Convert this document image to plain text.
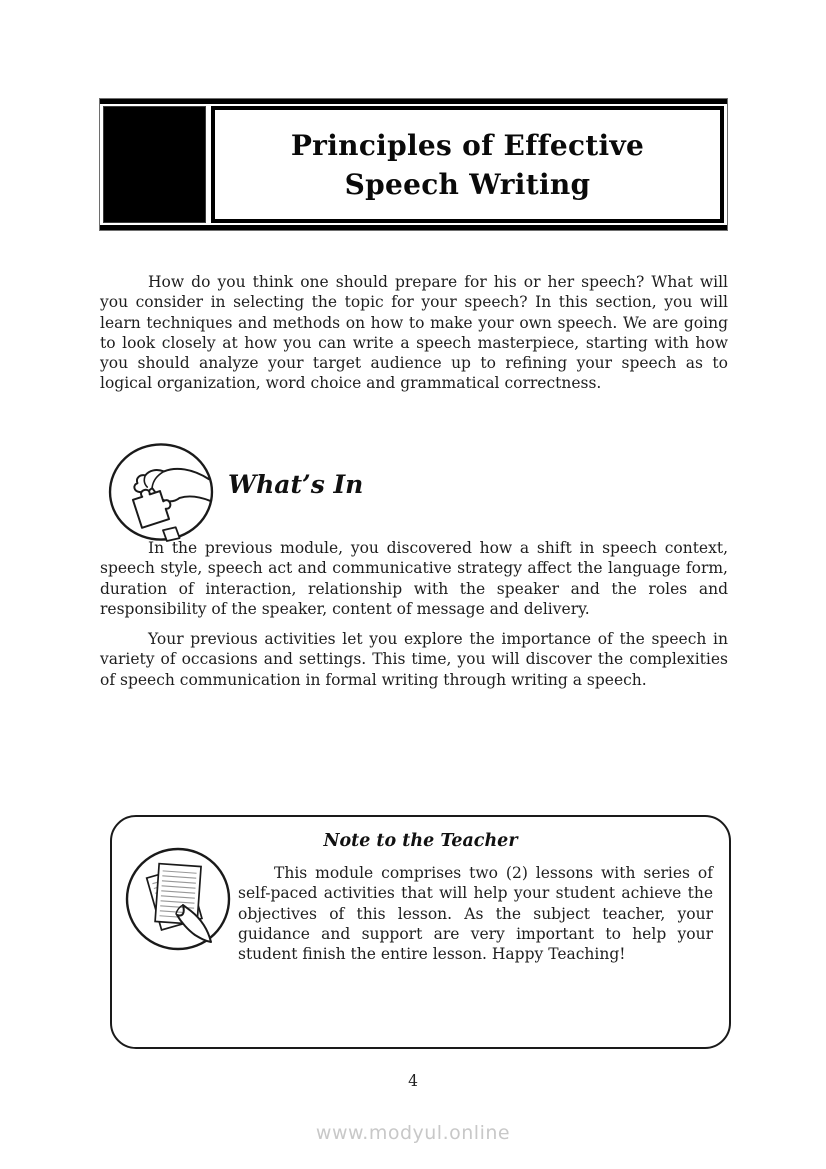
Principles of Effective
Speech Writing

How do you think one should prepare for his or her speech? What will you consider in selecting the topic for your speech? In this section, you will learn techniques and methods on how to make your own speech. We are going to look closely at how you can write a speech masterpiece, starting with how you should analyze your target audience up to refining your speech as to logical organization, word choice and grammatical correctness.

What’s In

In the previous module, you discovered how a shift in speech context, speech style, speech act and communicative strategy affect the language form, duration of interaction, relationship with the speaker and the roles and responsibility of the speaker, content of message and delivery.

Your previous activities let you explore the importance of the speech in variety of occasions and settings. This time, you will discover the complexities of speech communication in formal writing through writing a speech.

Note to the Teacher
This module comprises two (2) lessons with series of self-paced activities that will help your student achieve the objectives of this lesson. As the subject teacher, your guidance and support are very important to help your student finish the entire lesson. Happy Teaching!
4
www.modyul.online
